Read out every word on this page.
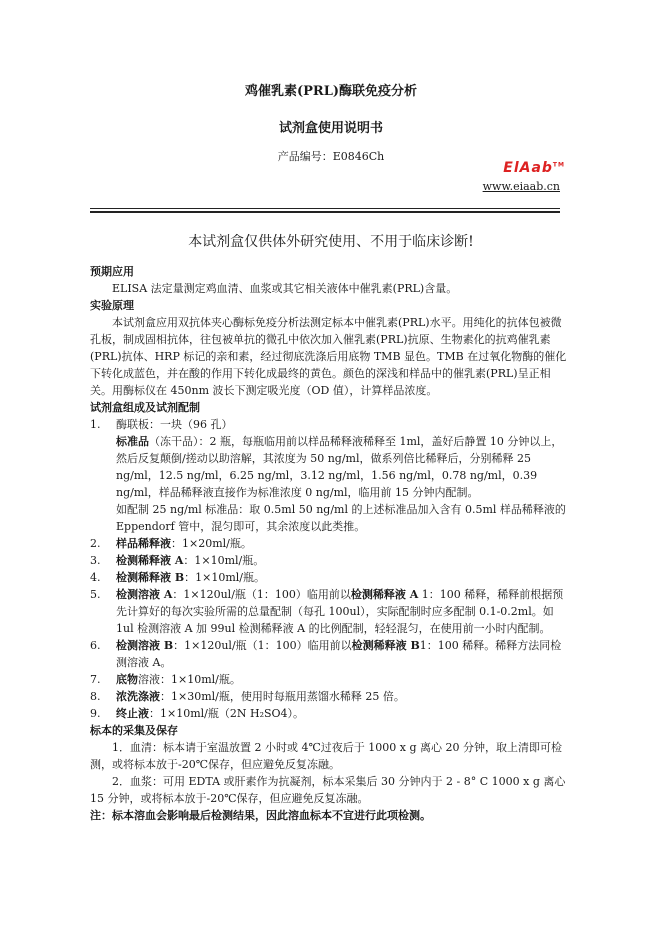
鸡催乳素(PRL)酶联免疫分析
试剂盒使用说明书
产品编号：E0846Ch
ElAab™
www.eiaab.cn
本试剂盒仅供体外研究使用、不用于临床诊断!

预期应用

ELISA 法定量测定鸡血清、血浆或其它相关液体中催乳素(PRL)含量。

实验原理

本试剂盒应用双抗体夹心酶标免疫分析法测定标本中催乳素(PRL)水平。用纯化的抗体包被微孔板，制成固相抗体，往包被单抗的微孔中依次加入催乳素(PRL)抗原、生物素化的抗鸡催乳素(PRL)抗体、HRP 标记的亲和素，经过彻底洗涤后用底物 TMB 显色。TMB 在过氧化物酶的催化下转化成蓝色，并在酸的作用下转化成最终的黄色。颜色的深浅和样品中的催乳素(PRL)呈正相关。用酶标仪在 450nm 波长下测定吸光度（OD 值），计算样品浓度。

试剂盒组成及试剂配制

1.	酶联板：一块（96 孔）

标准品（冻干品）：2 瓶，每瓶临用前以样品稀释液稀释至 1ml，盖好后静置 10 分钟以上，然后反复颠倒/搓动以助溶解，其浓度为 50 ng/ml，做系列倍比稀释后，分别稀释 25 ng/ml，12.5 ng/ml，6.25 ng/ml，3.12 ng/ml，1.56 ng/ml，0.78 ng/ml，0.39 ng/ml，样品稀释液直接作为标准浓度 0 ng/ml，临用前 15 分钟内配制。

如配制 25 ng/ml 标准品：取 0.5ml 50 ng/ml 的上述标准品加入含有 0.5ml 样品稀释液的 Eppendorf 管中，混匀即可，其余浓度以此类推。

2.	样品稀释液：1×20ml/瓶。
3.	检测稀释液 A：1×10ml/瓶。
4.	检测稀释液 B：1×10ml/瓶。
5.	检测溶液 A：1×120ul/瓶（1：100）临用前以检测稀释液 A 1：100 稀释，稀释前根据预先计算好的每次实验所需的总量配制（每孔 100ul），实际配制时应多配制 0.1-0.2ml。如 1ul 检测溶液 A 加 99ul 检测稀释液 A 的比例配制，轻轻混匀，在使用前一小时内配制。
6.	检测溶液 B：1×120ul/瓶（1：100）临用前以检测稀释液 B1：100 稀释。稀释方法同检测溶液 A。
7.	底物溶液：1×10ml/瓶。
8.	浓洗涤液：1×30ml/瓶，使用时每瓶用蒸馏水稀释 25 倍。
9.	终止液：1×10ml/瓶（2N H₂SO4）。

标本的采集及保存

1．血清：标本请于室温放置 2 小时或 4℃过夜后于 1000 x g 离心 20 分钟，取上清即可检测，或将标本放于-20℃保存，但应避免反复冻融。

2．血浆：可用 EDTA 或肝素作为抗凝剂，标本采集后 30 分钟内于 2 - 8° C 1000 x g 离心 15 分钟，或将标本放于-20℃保存，但应避免反复冻融。

注：标本溶血会影响最后检测结果，因此溶血标本不宜进行此项检测。
